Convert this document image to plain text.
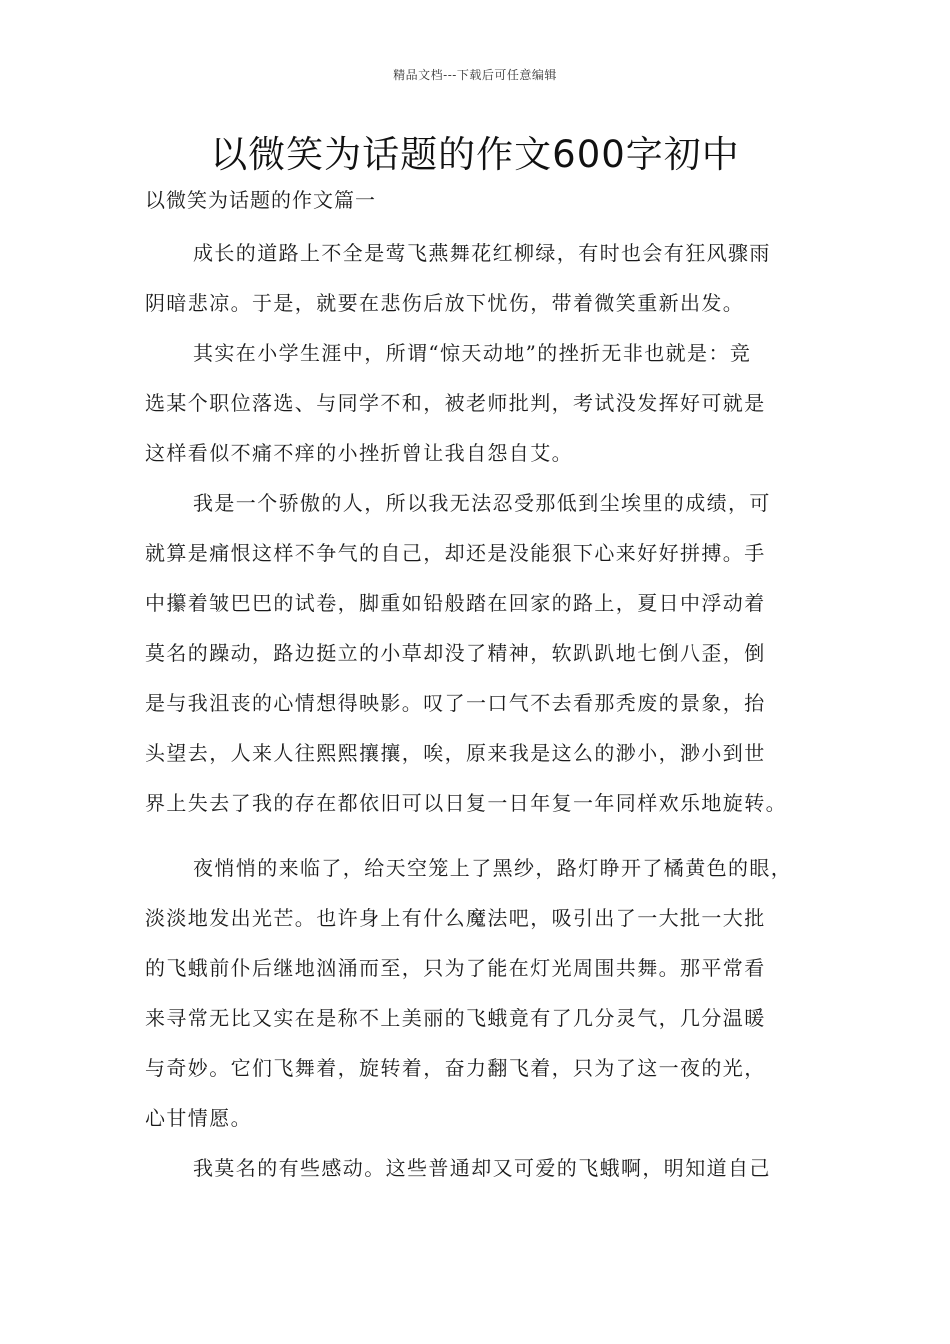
精品文档---下载后可任意编辑
以微笑为话题的作文600字初中
以微笑为话题的作文篇一
成长的道路上不全是莺飞燕舞花红柳绿，有时也会有狂风骤雨
阴暗悲凉。于是，就要在悲伤后放下忧伤，带着微笑重新出发。
其实在小学生涯中，所谓“惊天动地”的挫折无非也就是：竞
选某个职位落选、与同学不和，被老师批判，考试没发挥好可就是
这样看似不痛不痒的小挫折曾让我自怨自艾。
我是一个骄傲的人，所以我无法忍受那低到尘埃里的成绩，可
就算是痛恨这样不争气的自己，却还是没能狠下心来好好拼搏。手
中攥着皱巴巴的试卷，脚重如铅般踏在回家的路上，夏日中浮动着
莫名的躁动，路边挺立的小草却没了精神，软趴趴地七倒八歪，倒
是与我沮丧的心情想得映影。叹了一口气不去看那秃废的景象，抬
头望去，人来人往熙熙攘攘，唉，原来我是这么的渺小，渺小到世
界上失去了我的存在都依旧可以日复一日年复一年同样欢乐地旋转。
夜悄悄的来临了，给天空笼上了黑纱，路灯睁开了橘黄色的眼，
淡淡地发出光芒。也许身上有什么魔法吧，吸引出了一大批一大批
的飞蛾前仆后继地汹涌而至，只为了能在灯光周围共舞。那平常看
来寻常无比又实在是称不上美丽的飞蛾竟有了几分灵气，几分温暖
与奇妙。它们飞舞着，旋转着，奋力翻飞着，只为了这一夜的光，
心甘情愿。
我莫名的有些感动。这些普通却又可爱的飞蛾啊，明知道自己
